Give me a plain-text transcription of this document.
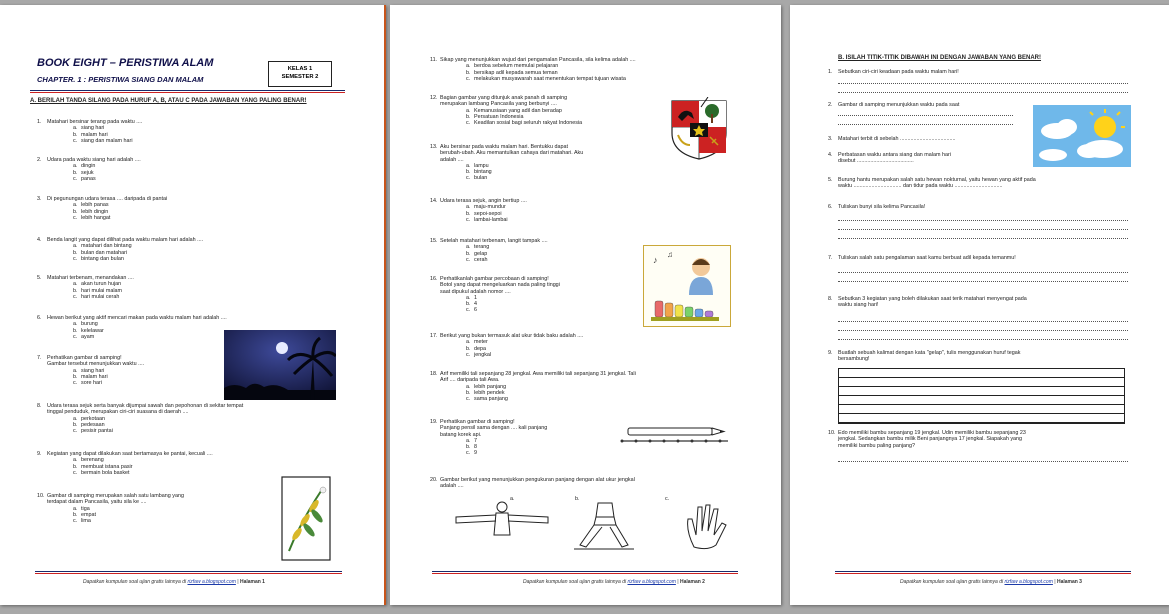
BOOK EIGHT – PERISTIWA ALAM
CHAPTER. 1 : PERISTIWA SIANG DAN MALAM
KELAS 1
SEMESTER 2
A. BERILAH TANDA SILANG PADA HURUF A, B, ATAU C PADA JAWABAN YANG PALING BENAR!
1. Matahari bersinar terang pada waktu ....
a. siang hari
b. malam hari
c. siang dan malam hari
2. Udara pada waktu siang hari adalah ....
a. dingin
b. sejuk
c. panas
3. Di pegunungan udara terasa .... daripada di pantai
a. lebih panas
b. lebih dingin
c. lebih hangat
4. Benda langit yang dapat dilihat pada waktu malam hari adalah ....
a. matahari dan bintang
b. bulan dan matahari
c. bintang dan bulan
5. Matahari terbenam, menandakan ....
a. akan turun hujan
b. hari mulai malam
c. hari mulai cerah
6. Hewan berikut yang aktif mencari makan pada waktu malam hari adalah ....
a. burung
b. kelelawar
c. ayam
7. Perhatikan gambar di samping!
Gambar tersebut menunjukkan waktu ....
a. siang hari
b. malam hari
c. sore hari
8. Udara terasa sejuk serta banyak dijumpai sawah dan pepohonan di sekitar tempat
tinggal penduduk, merupakan ciri-ciri suasana di daerah ....
a. perkotaan
b. pedesaan
c. pesisir pantai
9. Kegiatan yang dapat dilakukan saat bertamasya ke pantai, kecuali ....
a. berenang
b. membuat istana pasir
c. bermain bola basket
10. Gambar di samping merupakan salah satu lambang yang
terdapat dalam Pancasila, yaitu sila ke ....
a. tiga
b. empat
c. lima
Dapatkan kumpulan soal ujian gratis lainnya di rizfaw a.blogspot.com | Halaman 1
11. Sikap yang menunjukkan wujud dari pengamalan Pancasila, sila kelima adalah ....
a. berdoa sebelum memulai pelajaran
b. bersikap adil kepada semua teman
c. melakukan musyawarah saat menentukan tempat tujuan wisata
12. Bagian gambar yang ditunjuk anak panah di samping
merupakan lambang Pancasila yang berbunyi ....
a. Kemanusiaan yang adil dan beradap
b. Persatuan Indonesia
c. Keadilan sosial bagi seluruh rakyat Indonesia
13. Aku bersinar pada waktu malam hari. Bentukku dapat
berubah-ubah. Aku memantulkan cahaya dari matahari. Aku
adalah ....
a. lampu
b. bintang
c. bulan
14. Udara terasa sejuk, angin bertiup ....
a. maju-mundur
b. sepoi-sepoi
c. lambai-lambai
15. Setelah matahari terbenam, langit tampak ....
a. terang
b. gelap
c. cerah
16. Perhatikanlah gambar percobaan di samping!
Botol yang dapat mengeluarkan nada paling tinggi
saat dipukul adalah nomor ....
a. 1
b. 4
c. 6
17. Berikut yang bukan termasuk alat ukur tidak baku adalah ....
a. meter
b. depa
c. jengkal
18. Arif memiliki tali sepanjang 28 jengkal. Awa memiliki tali sepanjang 31 jengkal. Tali
Arif .... daripada tali Awa.
a. lebih panjang
b. lebih pendek
c. sama panjang
19. Perhatikan gambar di samping!
Panjang pensil sama dengan .... kali panjang
batang korek api.
a. 7
b. 8
c. 9
20. Gambar berikut yang menunjukkan pengukuran panjang dengan alat ukur jengkal
adalah ....
♪
♫
a.	b.	c.
Dapatkan kumpulan soal ujian gratis lainnya di rizfaw a.blogspot.com | Halaman 2
B. ISILAH TITIK-TITIK DIBAWAH INI DENGAN JAWABAN YANG BENAR!
1. Sebutkan ciri-ciri keadaan pada waktu malam hari!
2. Gambar di samping menunjukkan waktu pada saat
3. Matahari terbit di sebelah .....................................
4. Perbatasan waktu antara siang dan malam hari
disebut ......................................
5. Burung hantu merupakan salah satu hewan nokturnal, yaitu hewan yang aktif pada
waktu ................................ dan tidur pada waktu ................................
6. Tuliskan bunyi sila kelima Pancasila!
7. Tuliskan salah satu pengalaman saat kamu berbuat adil kepada temanmu!
8. Sebutkan 3 kegiatan yang boleh dilakukan saat terik matahari menyengat pada
waktu siang hari!
9. Buatlah sebuah kalimat dengan kata "gelap", tulis menggunakan huruf tegak
bersambung!
10. Edo memiliki bambu sepanjang 19 jengkal. Udin memiliki bambu sepanjang 23
jengkal. Sedangkan bambu milik Beni panjangnya 17 jengkal. Siapakah yang
memiliki bambu paling panjang?
Dapatkan kumpulan soal ujian gratis lainnya di rizfaw a.blogspot.com | Halaman 3
